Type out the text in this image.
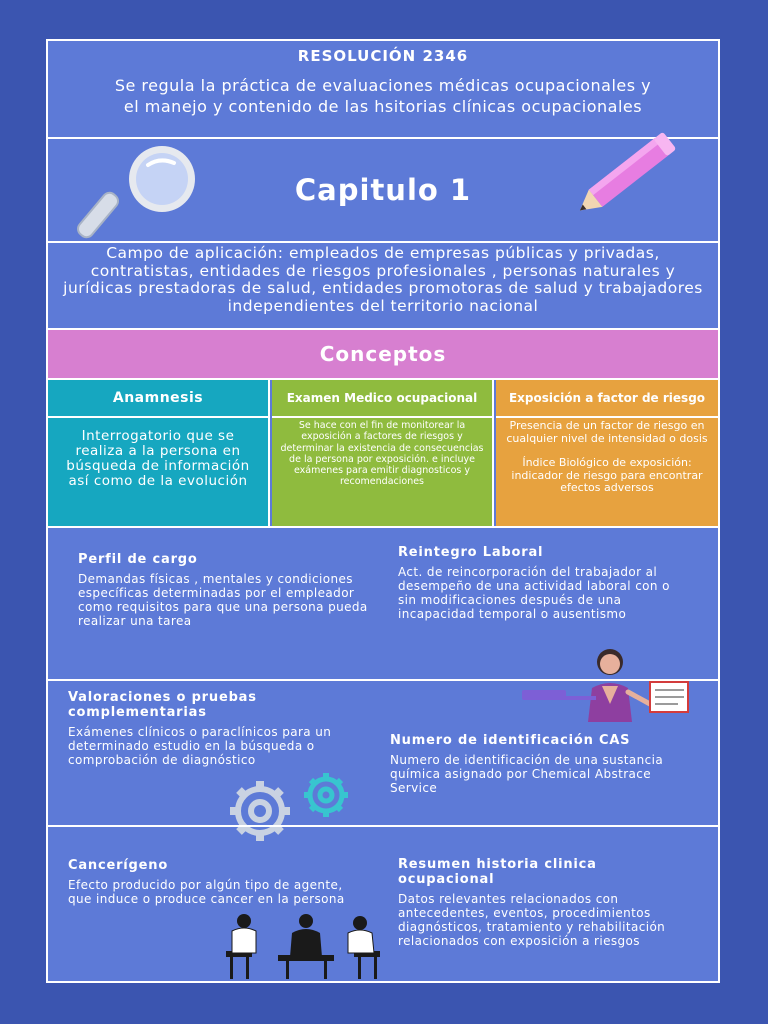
RESOLUCIÓN 2346
Se regula la práctica de evaluaciones médicas ocupacionales y el manejo y contenido de las hsitorias clínicas ocupacionales
Capitulo 1
Campo de aplicación: empleados de empresas públicas y privadas, contratistas, entidades de riesgos profesionales , personas naturales y jurídicas prestadoras de salud, entidades promotoras de salud y trabajadores independientes del territorio nacional
Conceptos
Anamnesis
Interrogatorio que se realiza a la persona en búsqueda de información así como de la evolución
Examen Medico ocupacional
Se hace con el fin de monitorear la exposición a factores de riesgos y determinar la existencia de consecuencias de la persona por exposición. e incluye exámenes para emitir diagnosticos y recomendaciones
Exposición a factor de riesgo

Presencia de un factor de riesgo en cualquier nivel de intensidad o dosis

Índice Biológico de exposición: indicador de riesgo para encontrar efectos adversos

Perfil de cargo
Demandas físicas , mentales y condiciones específicas determinadas por el empleador como requisitos para que una persona pueda realizar una tarea
Reintegro Laboral
Act. de reincorporación del trabajador al desempeño de una actividad laboral con o sin modificaciones después de una incapacidad temporal o ausentismo
Valoraciones o pruebas complementarias
Exámenes clínicos o paraclínicos para un determinado estudio en la búsqueda o comprobación de diagnóstico
Numero de identificación CAS
Numero de identificación de una sustancia química asignado por Chemical Abstrace Service
Cancerígeno
Efecto producido por algún tipo de agente, que induce o produce cancer en la persona
Resumen historia clinica ocupacional
Datos relevantes relacionados con antecedentes, eventos, procedimientos diagnósticos, tratamiento y rehabilitación relacionados con exposición a riesgos
